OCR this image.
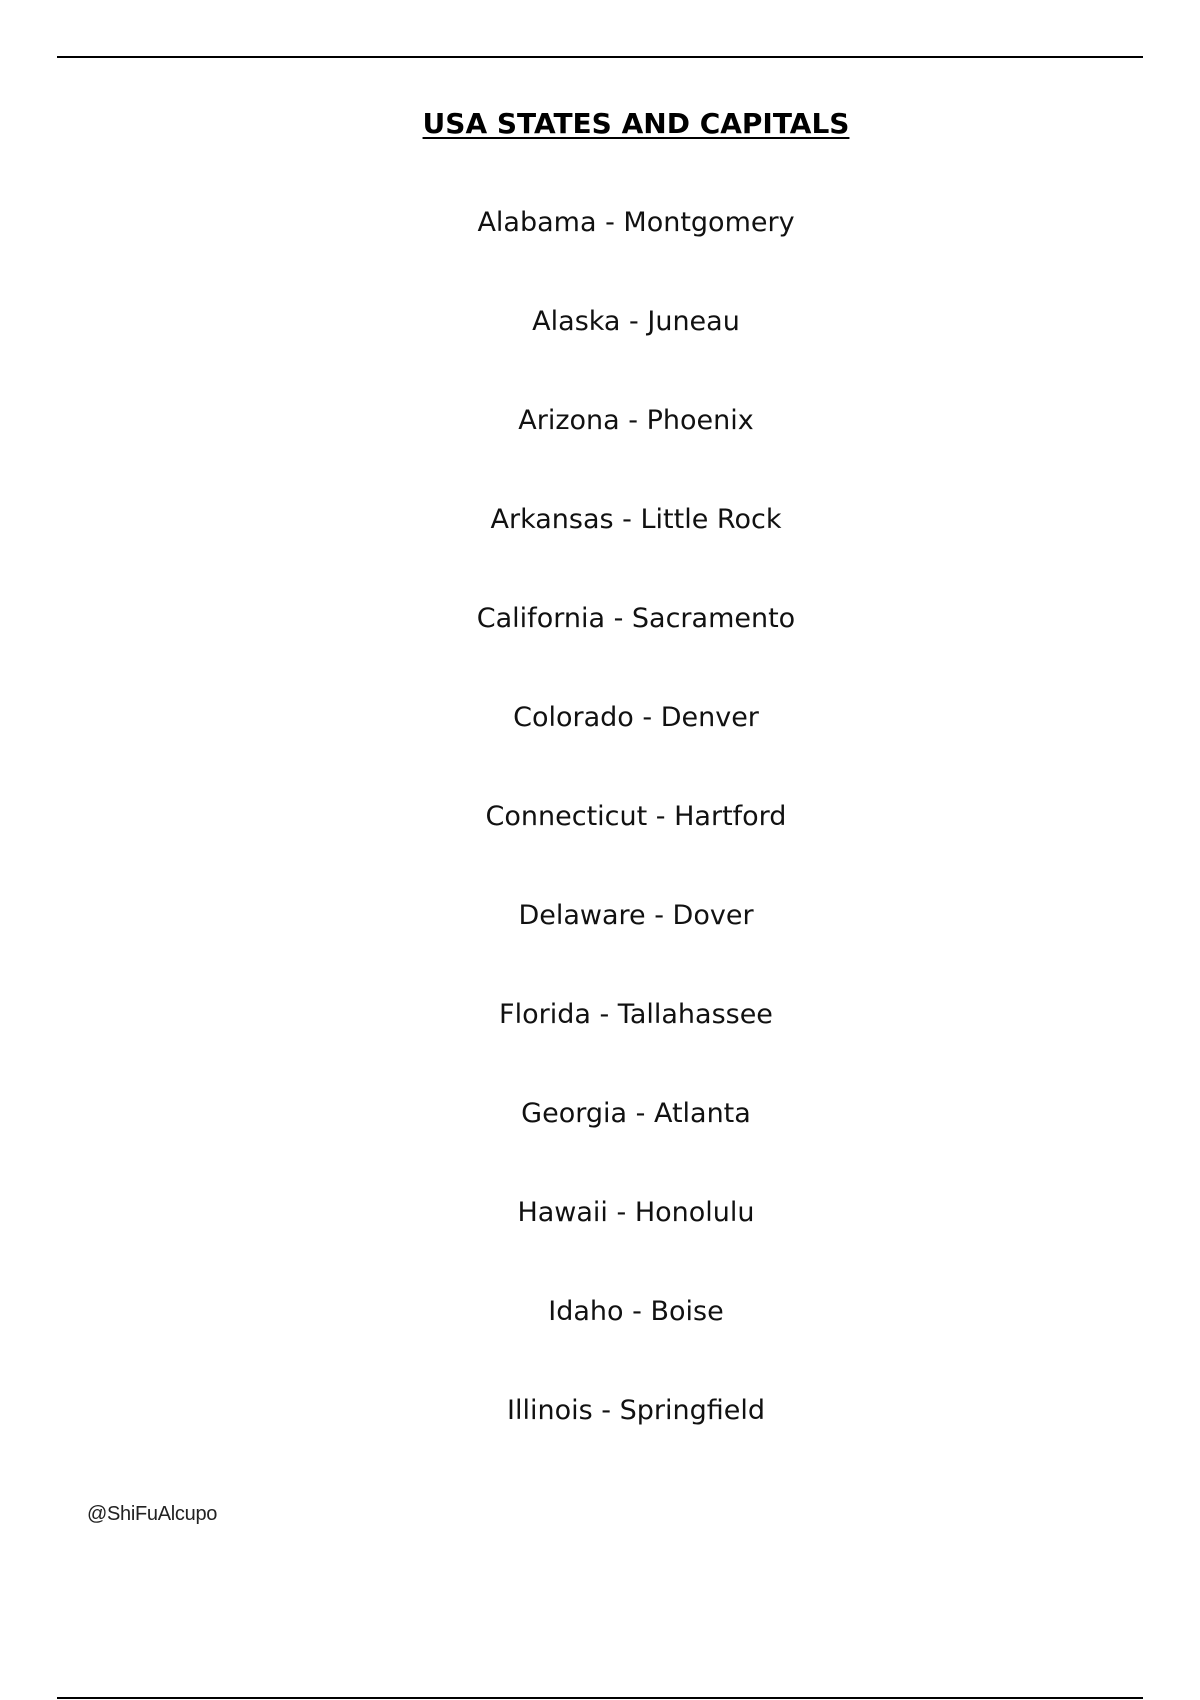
USA STATES AND CAPITALS
Alabama - Montgomery
Alaska - Juneau
Arizona - Phoenix
Arkansas - Little Rock
California - Sacramento
Colorado - Denver
Connecticut - Hartford
Delaware - Dover
Florida - Tallahassee
Georgia - Atlanta
Hawaii - Honolulu
Idaho - Boise
Illinois - Springfield
@ShiFuAlcupo
